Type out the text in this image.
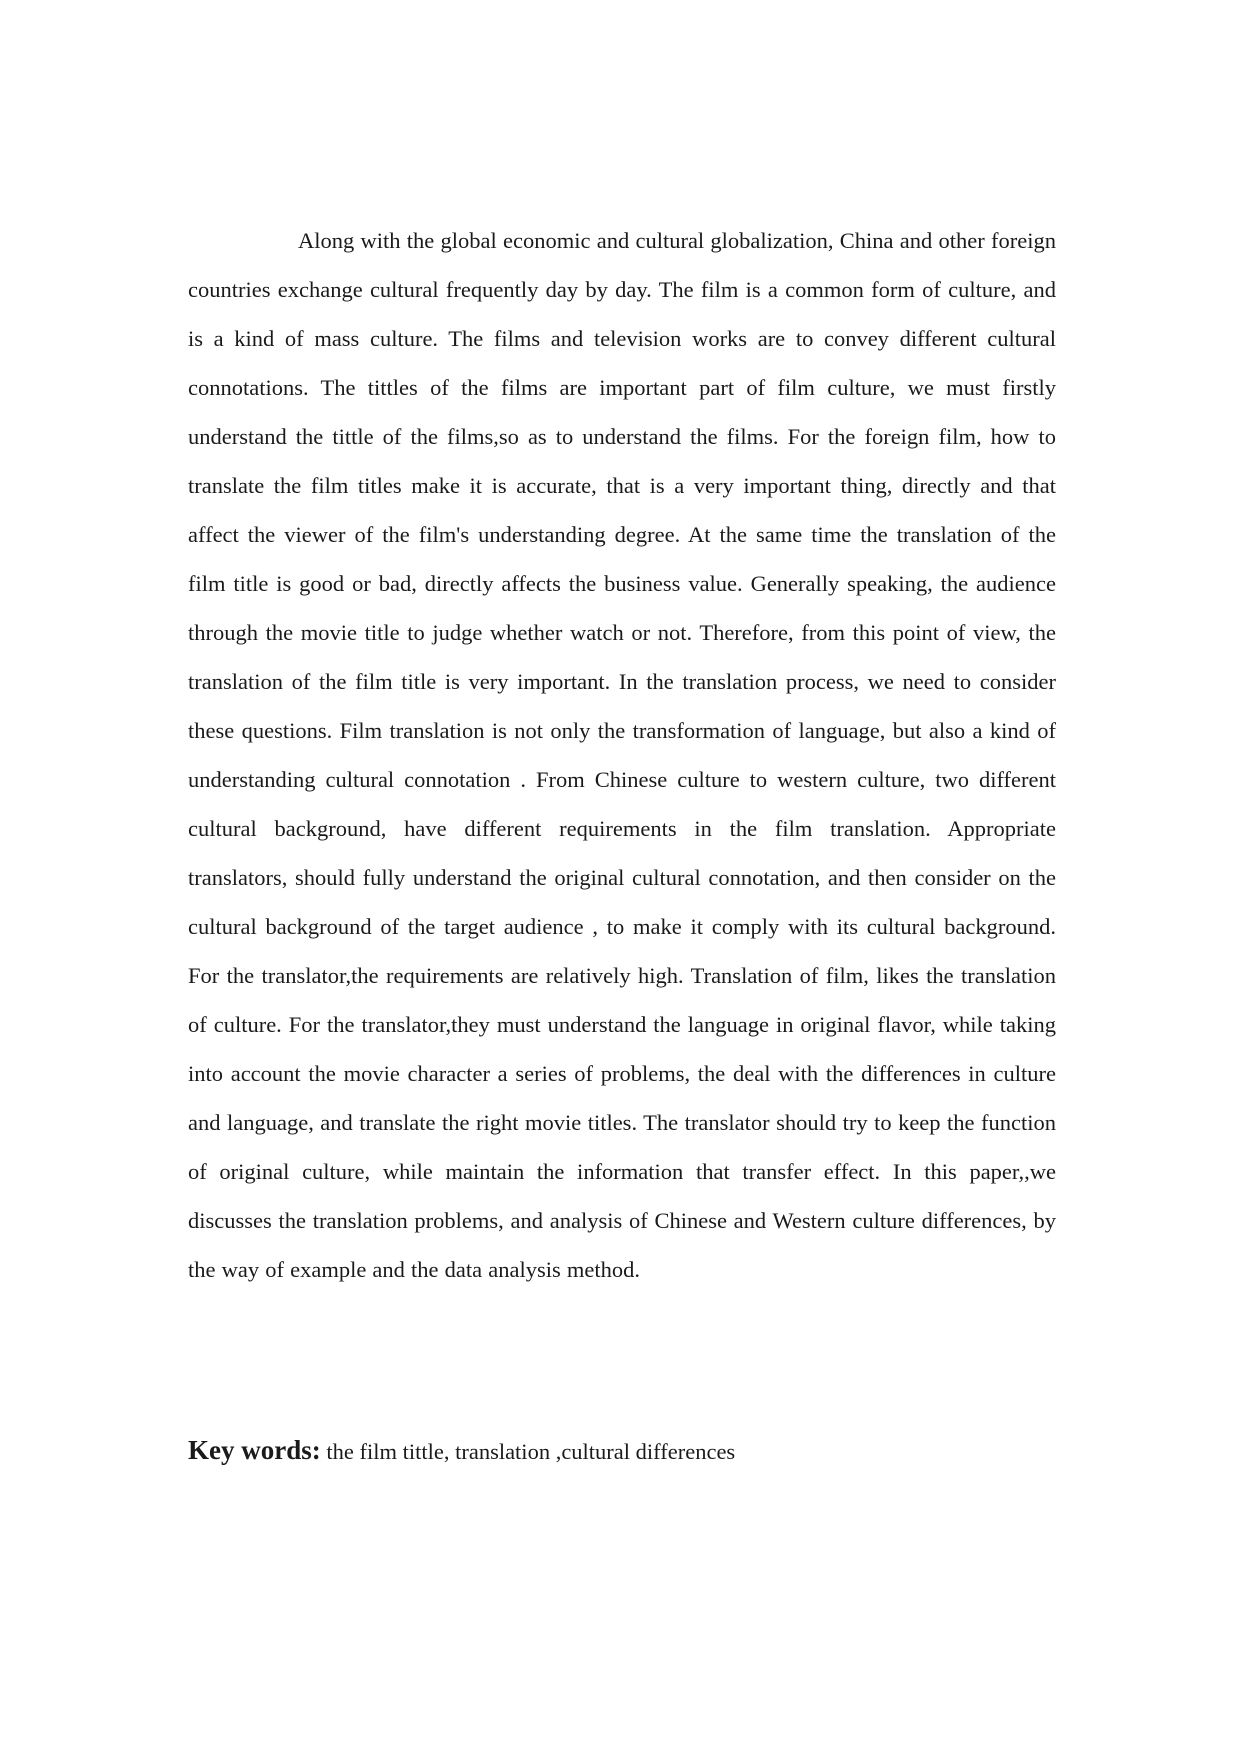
Along with the global economic and cultural globalization, China and other foreign countries exchange cultural frequently day by day. The film is a common form of culture, and is a kind of mass culture. The films and television works are to convey different cultural connotations. The tittles of the films are important part of film culture, we must firstly understand the tittle of the films,so as to understand the films. For the foreign film, how to translate the film titles make it is accurate, that is a very important thing, directly and that affect the viewer of the film's understanding degree. At the same time the translation of the film title is good or bad, directly affects the business value. Generally speaking, the audience through the movie title to judge whether watch or not. Therefore, from this point of view, the translation of the film title is very important. In the translation process, we need to consider these questions. Film translation is not only the transformation of language, but also a kind of understanding cultural connotation . From Chinese culture to western culture, two different cultural background, have different requirements in the film translation. Appropriate translators, should fully understand the original cultural connotation, and then consider on the cultural background of the target audience , to make it comply with its cultural background. For the translator,the requirements are relatively high. Translation of film, likes the translation of culture. For the translator,they must understand the language in original flavor, while taking into account the movie character a series of problems, the deal with the differences in culture and language, and translate the right movie titles. The translator should try to keep the function of original culture, while maintain the information that transfer effect. In this paper,,we discusses the translation problems, and analysis of Chinese and Western culture differences, by the way of example and the data analysis method.

Key words: the film tittle, translation ,cultural differences
